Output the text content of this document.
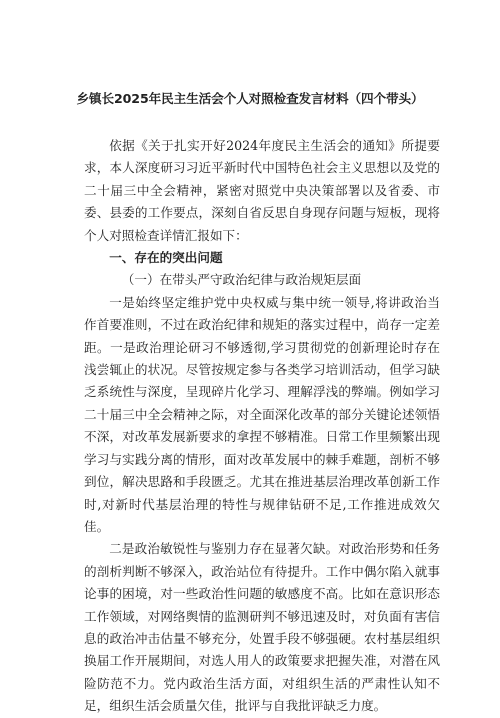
乡镇长2025年民主生活会个人对照检查发言材料（四个带头）

依据《关于扎实开好2024年度民主生活会的通知》所提要求，本人深度研习习近平新时代中国特色社会主义思想以及党的二十届三中全会精神，紧密对照党中央决策部署以及省委、市委、县委的工作要点，深刻自省反思自身现存问题与短板，现将个人对照检查详情汇报如下：

一、存在的突出问题

（一）在带头严守政治纪律与政治规矩层面

一是始终坚定维护党中央权威与集中统一领导,将讲政治当作首要准则，不过在政治纪律和规矩的落实过程中，尚存一定差距。一是政治理论研习不够透彻,学习贯彻党的创新理论时存在浅尝辄止的状况。尽管按规定参与各类学习培训活动，但学习缺乏系统性与深度，呈现碎片化学习、理解浮浅的弊端。例如学习二十届三中全会精神之际，对全面深化改革的部分关键论述领悟不深，对改革发展新要求的拿捏不够精准。日常工作里频繁出现学习与实践分离的情形，面对改革发展中的棘手难题，剖析不够到位，解决思路和手段匮乏。尤其在推进基层治理改革创新工作时,对新时代基层治理的特性与规律钻研不足,工作推进成效欠佳。

二是政治敏锐性与鉴别力存在显著欠缺。对政治形势和任务的剖析判断不够深入，政治站位有待提升。工作中偶尔陷入就事论事的困境，对一些政治性问题的敏感度不高。比如在意识形态工作领域，对网络舆情的监测研判不够迅速及时，对负面有害信息的政治冲击估量不够充分，处置手段不够强硬。农村基层组织换届工作开展期间，对选人用人的政策要求把握失准，对潜在风险防范不力。党内政治生活方面，对组织生活的严肃性认知不足，组织生活会质量欠佳，批评与自我批评缺乏力度。
